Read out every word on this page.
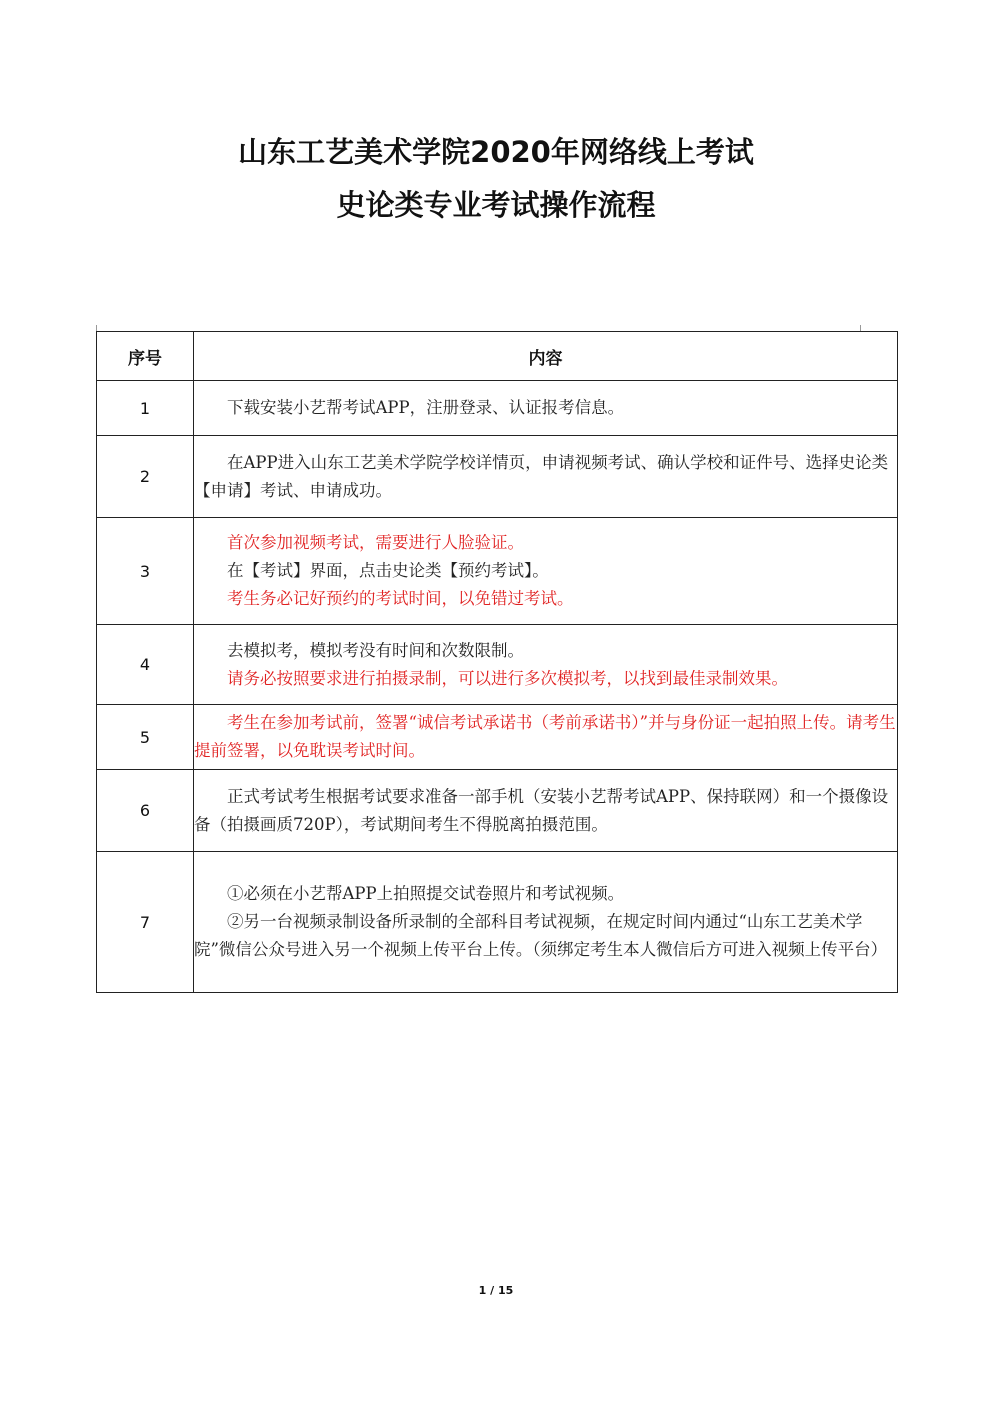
山东工艺美术学院2020年网络线上考试
史论类专业考试操作流程
序号	内容
1	下载安装小艺帮考试APP，注册登录、认证报考信息。

2	在APP进入山东工艺美术学院学校详情页，申请视频考试、确认学校和证件号、选择史论类【申请】考试、申请成功。

3	首次参加视频考试，需要进行人脸验证。
在【考试】界面，点击史论类【预约考试】。
考生务必记好预约的考试时间，以免错过考试。

4	去模拟考，模拟考没有时间和次数限制。
请务必按照要求进行拍摄录制，可以进行多次模拟考，以找到最佳录制效果。

5	考生在参加考试前，签署“诚信考试承诺书（考前承诺书）”并与身份证一起拍照上传。请考生提前签署，以免耽误考试时间。

6	正式考试考生根据考试要求准备一部手机（安装小艺帮考试APP、保持联网）和一个摄像设备（拍摄画质720P），考试期间考生不得脱离拍摄范围。

7	①必须在小艺帮APP上拍照提交试卷照片和考试视频。
②另一台视频录制设备所录制的全部科目考试视频，在规定时间内通过“山东工艺美术学院”微信公众号进入另一个视频上传平台上传。（须绑定考生本人微信后方可进入视频上传平台）
1 / 15
